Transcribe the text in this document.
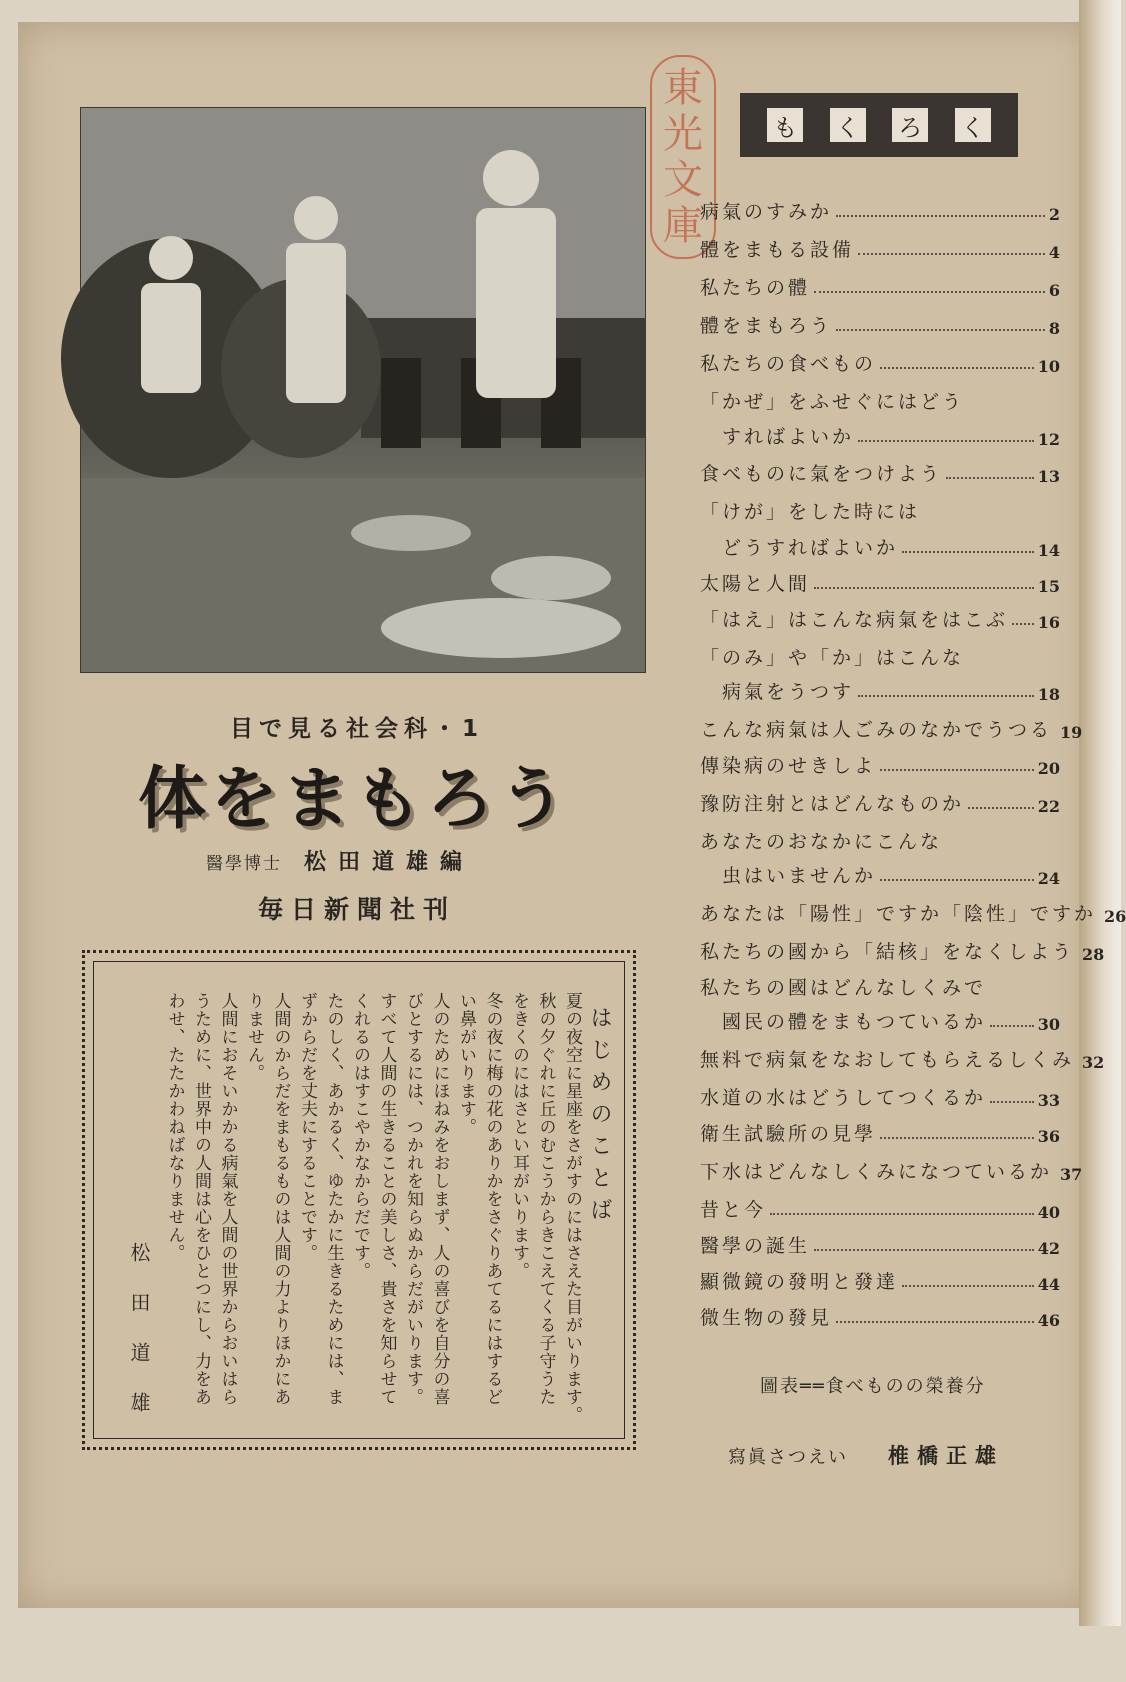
東
光
文
庫
も く ろ く
病氣のすみか	2
體をまもる設備	4
私たちの體	6
體をまもろう	8
私たちの食べもの	10
「かぜ」をふせぐにはどう
すればよいか	12
食べものに氣をつけよう	13
「けが」をした時には
どうすればよいか	14
太陽と人間	15
「はえ」はこんな病氣をはこぶ 16
「のみ」や「か」はこんな
病氣をうつす	18
こんな病氣は人ごみのなかでうつる 19
傳染病のせきしよ	20
豫防注射とはどんなものか	22
あなたのおなかにこんな
虫はいませんか	24
あなたは「陽性」ですか「陰性」ですか 26
私たちの國から「結核」をなくしよう 28
私たちの國はどんなしくみで
國民の體をまもつているか	30
無料で病氣をなおしてもらえるしくみ 32
水道の水はどうしてつくるか	33
衛生試驗所の見學	36
下水はどんなしくみになつているか 37
昔と今	40
醫學の誕生	42
顯微鏡の發明と發達	44
微生物の發見	46
圖表══食べものの榮養分
寫眞さつえい 椎橋正雄
目で見る社会科・1
体をまもろう
醫學博士 松田道雄編
毎日新聞社刊
はじめのことば
夏の夜空に星座をさがすのにはさえた目がいります。
秋の夕ぐれに丘のむこうからきこえてくる子守うた
をきくのにはさとい耳がいります。
冬の夜に梅の花のありかをさぐりあてるにはするど
い鼻がいります。
人のためにほねみをおしまず、人の喜びを自分の喜
びとするには、つかれを知らぬからだがいります。
すべて人間の生きることの美しさ、貴さを知らせて
くれるのはすこやかなからだです。
たのしく、あかるく、ゆたかに生きるためには、ま
ずからだを丈夫にすることです。
人間のからだをまもるものは人間の力よりほかにあ
りません。
人間におそいかかる病氣を人間の世界からおいはら
うために、世界中の人間は心をひとつにし、力をあ
わせ、たたかわねばなりません。
松田道雄
